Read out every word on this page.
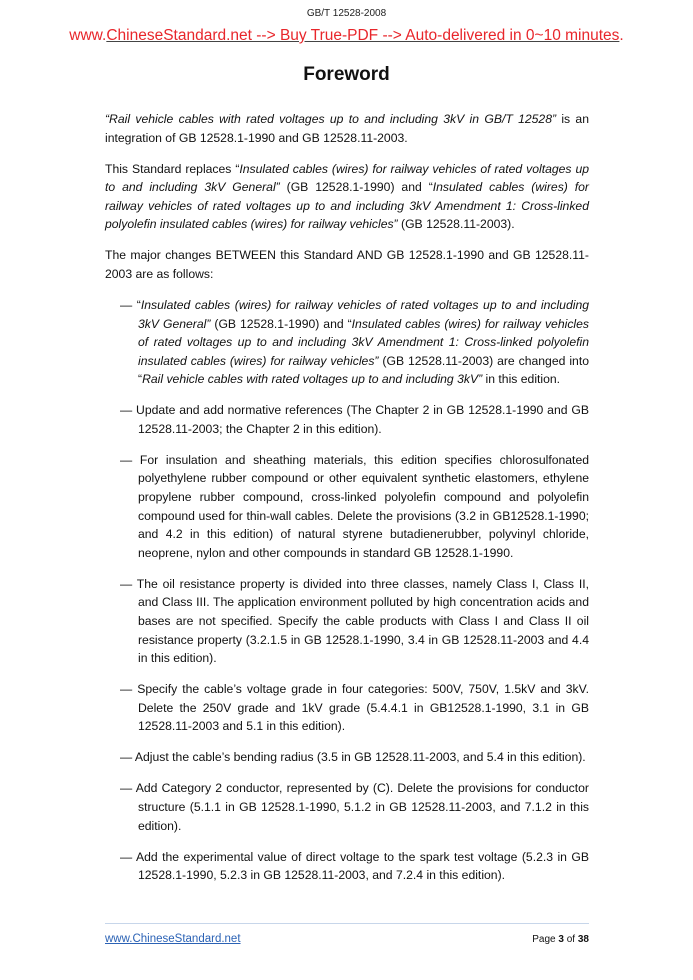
GB/T 12528-2008
www.ChineseStandard.net --> Buy True-PDF --> Auto-delivered in 0~10 minutes.
Foreword

“Rail vehicle cables with rated voltages up to and including 3kV in GB/T 12528” is an integration of GB 12528.1-1990 and GB 12528.11-2003.

This Standard replaces “Insulated cables (wires) for railway vehicles of rated voltages up to and including 3kV General” (GB 12528.1-1990) and “Insulated cables (wires) for railway vehicles of rated voltages up to and including 3kV Amendment 1: Cross-linked polyolefin insulated cables (wires) for railway vehicles” (GB 12528.11-2003).

The major changes BETWEEN this Standard AND GB 12528.1-1990 and GB 12528.11-2003 are as follows:

— “Insulated cables (wires) for railway vehicles of rated voltages up to and including 3kV General” (GB 12528.1-1990) and “Insulated cables (wires) for railway vehicles of rated voltages up to and including 3kV Amendment 1: Cross-linked polyolefin insulated cables (wires) for railway vehicles” (GB 12528.11-2003) are changed into “Rail vehicle cables with rated voltages up to and including 3kV” in this edition.

— Update and add normative references (The Chapter 2 in GB 12528.1-1990 and GB 12528.11-2003; the Chapter 2 in this edition).

— For insulation and sheathing materials, this edition specifies chlorosulfonated polyethylene rubber compound or other equivalent synthetic elastomers, ethylene propylene rubber compound, cross-linked polyolefin compound and polyolefin compound used for thin-wall cables. Delete the provisions (3.2 in GB12528.1-1990; and 4.2 in this edition) of natural styrene butadienerubber, polyvinyl chloride, neoprene, nylon and other compounds in standard GB 12528.1-1990.

— The oil resistance property is divided into three classes, namely Class I, Class II, and Class III. The application environment polluted by high concentration acids and bases are not specified. Specify the cable products with Class I and Class II oil resistance property (3.2.1.5 in GB 12528.1-1990, 3.4 in GB 12528.11-2003 and 4.4 in this edition).

— Specify the cable’s voltage grade in four categories: 500V, 750V, 1.5kV and 3kV. Delete the 250V grade and 1kV grade (5.4.4.1 in GB12528.1-1990, 3.1 in GB 12528.11-2003 and 5.1 in this edition).

— Adjust the cable’s bending radius (3.5 in GB 12528.11-2003, and 5.4 in this edition).

— Add Category 2 conductor, represented by (C). Delete the provisions for conductor structure (5.1.1 in GB 12528.1-1990, 5.1.2 in GB 12528.11-2003, and 7.1.2 in this edition).

— Add the experimental value of direct voltage to the spark test voltage (5.2.3 in GB 12528.1-1990, 5.2.3 in GB 12528.11-2003, and 7.2.4 in this edition).

www.ChineseStandard.net	Page 3 of 38
